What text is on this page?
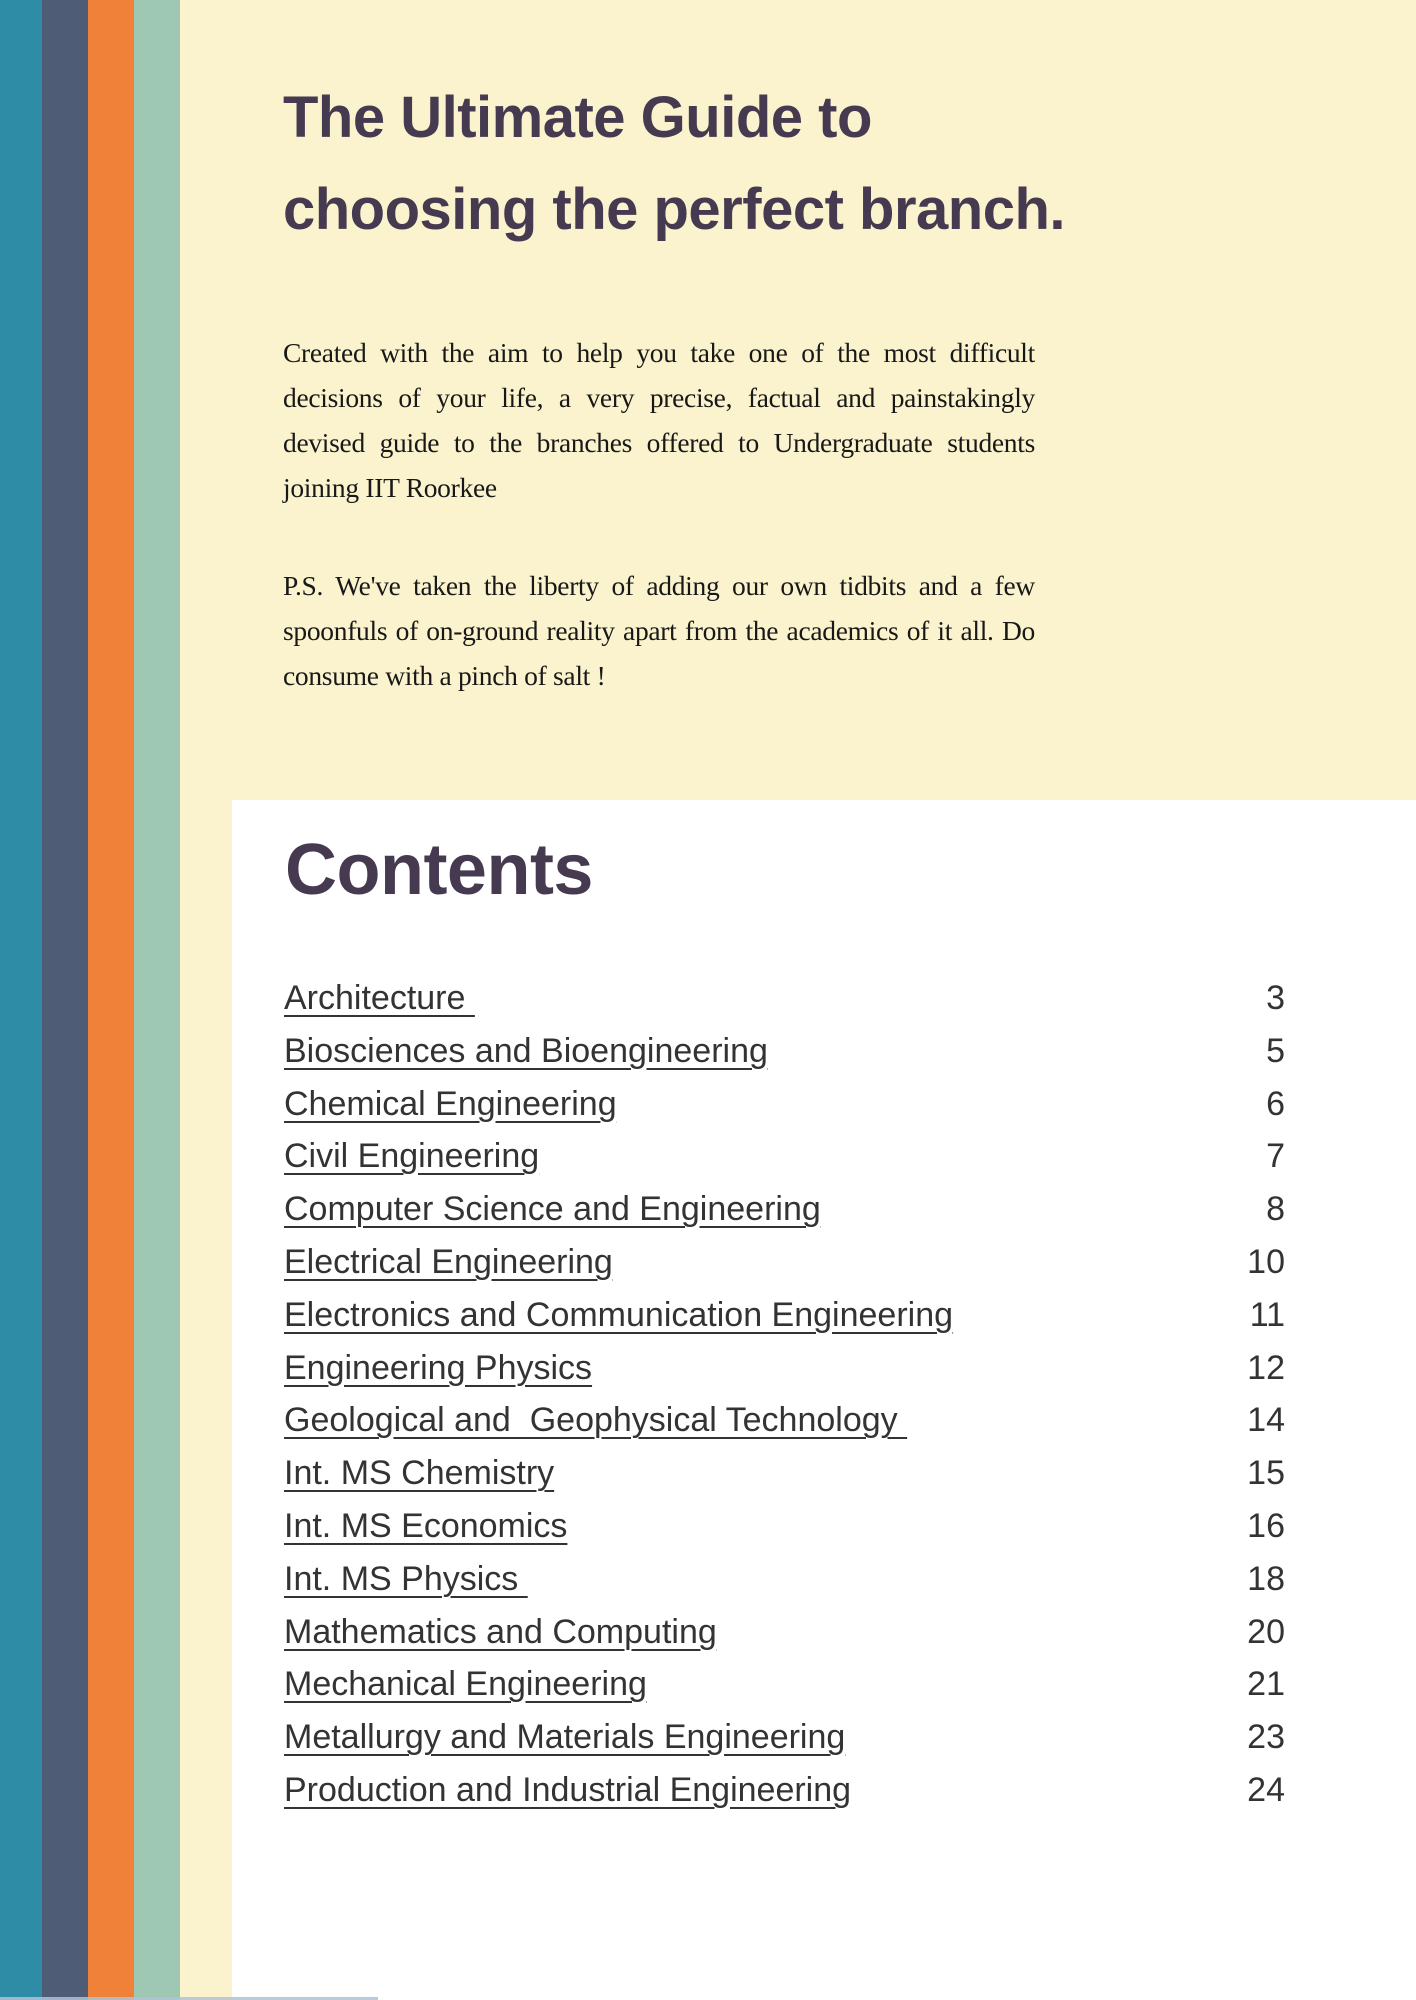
The Ultimate Guide to
choosing the perfect branch.
Created with the aim to help you take one of the most difficult decisions of your life, a very precise, factual and painstakingly devised guide to the branches offered to Undergraduate students joining IIT Roorkee
P.S. We've taken the liberty of adding our own tidbits and a few spoonfuls of on-ground reality apart from the academics of it all. Do consume with a pinch of salt !
Contents
Architecture	3
Biosciences and Bioengineering	5
Chemical Engineering	6
Civil Engineering	7
Computer Science and Engineering	8
Electrical Engineering	10
Electronics and Communication Engineering	11
Engineering Physics	12
Geological and  Geophysical Technology	14
Int. MS Chemistry	15
Int. MS Economics	16
Int. MS Physics	18
Mathematics and Computing	20
Mechanical Engineering	21
Metallurgy and Materials Engineering	23
Production and Industrial Engineering	24
